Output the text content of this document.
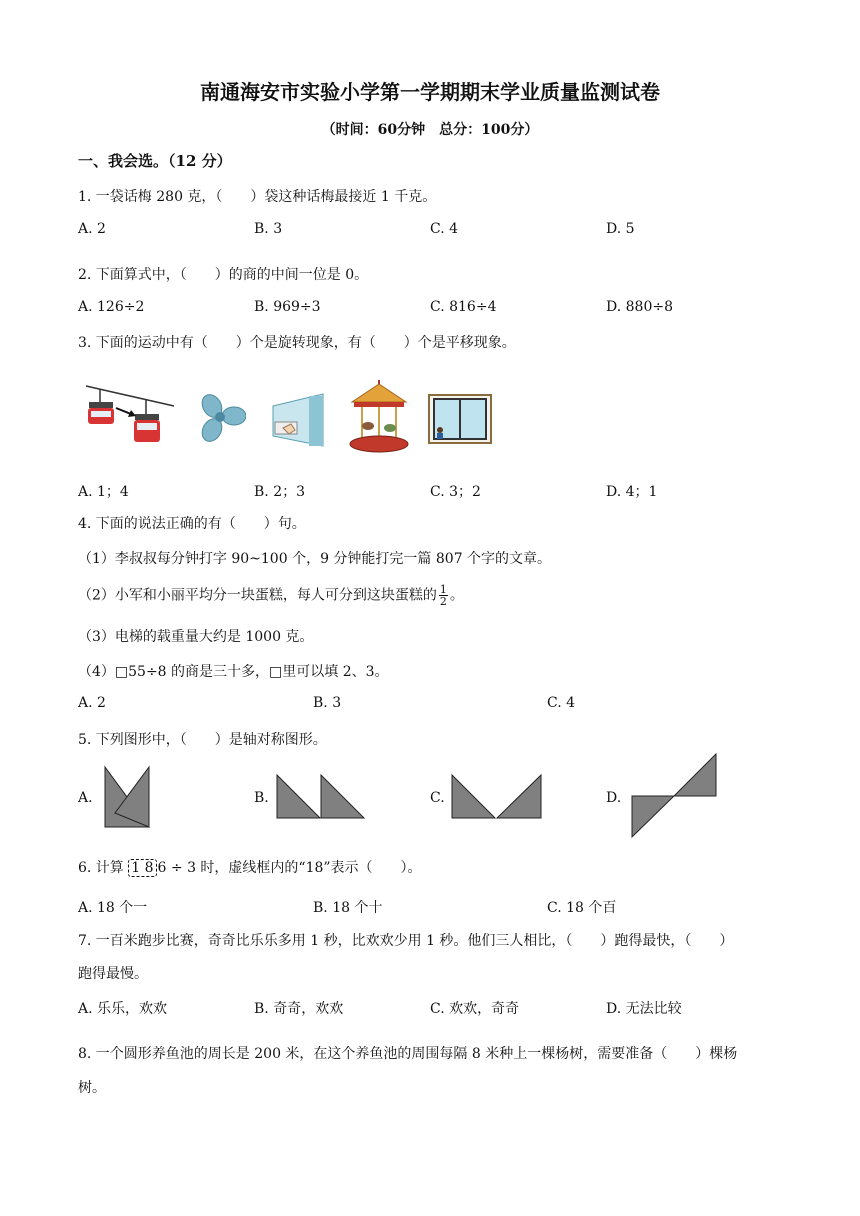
南通海安市实验小学第一学期期末学业质量监测试卷
（时间：60分钟　总分：100分）
一、我会选。（12 分）
1. 一袋话梅 280 克，（　　）袋这种话梅最接近 1 千克。
A. 2	B. 3	C. 4	D. 5
2. 下面算式中，（　　）的商的中间一位是 0。
A. 126÷2	B. 969÷3	C. 816÷4	D. 880÷8
3. 下面的运动中有（　　）个是旋转现象，有（　　）个是平移现象。
A. 1；4	B. 2；3	C. 3；2	D. 4；1
4. 下面的说法正确的有（　　）句。
（1）李叔叔每分钟打字 90~100 个，9 分钟能打完一篇 807 个字的文章。
（2）小军和小丽平均分一块蛋糕，每人可分到这块蛋糕的 $\frac{1}{2}$ 。
（3）电梯的载重量大约是 1000 克。
（4）□55÷8 的商是三十多，□里可以填 2、3。
A. 2	B. 3	C. 4
5. 下列图形中，（　　）是轴对称图形。
A.	B.	C.	D.
6. 计算 1 8 6 ÷ 3 时，虚线框内的“18”表示（　　）。
A. 18 个一	B. 18 个十	C. 18 个百
7. 一百米跑步比赛，奇奇比乐乐多用 1 秒，比欢欢少用 1 秒。他们三人相比，（　　）跑得最快，（　　）
跑得最慢。
A. 乐乐，欢欢	B. 奇奇，欢欢	C. 欢欢，奇奇	D. 无法比较
8. 一个圆形养鱼池的周长是 200 米，在这个养鱼池的周围每隔 8 米种上一棵杨树，需要准备（　　）棵杨
树。
